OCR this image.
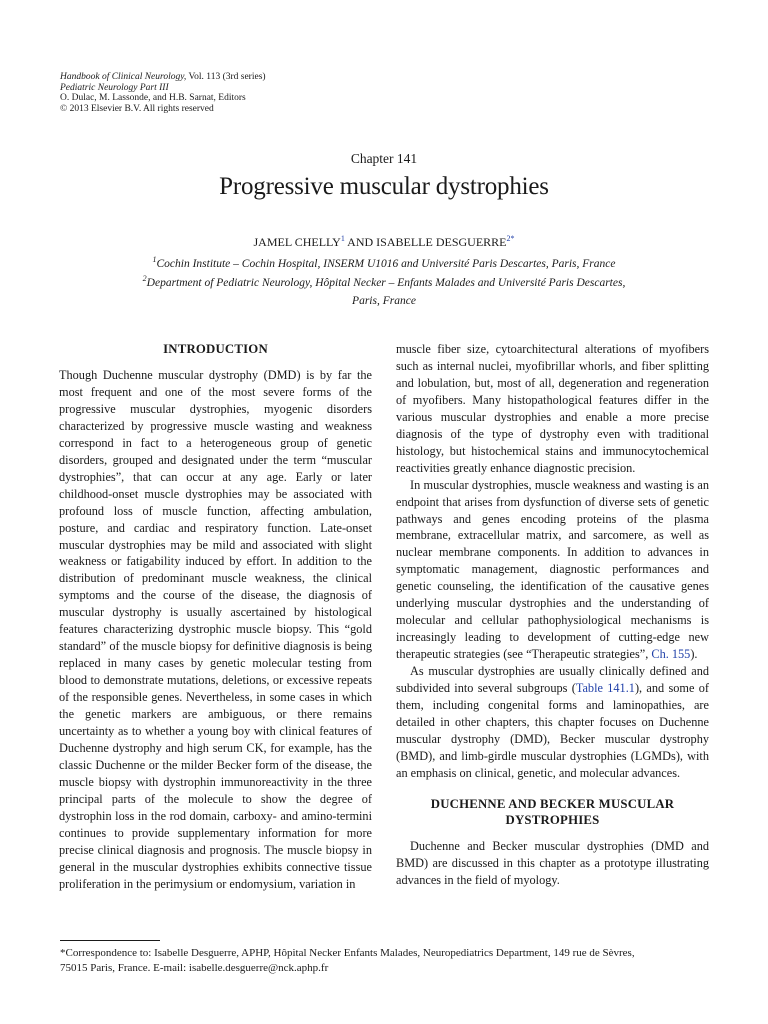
Handbook of Clinical Neurology, Vol. 113 (3rd series)
Pediatric Neurology Part III
O. Dulac, M. Lassonde, and H.B. Sarnat, Editors
© 2013 Elsevier B.V. All rights reserved
Chapter 141
Progressive muscular dystrophies
JAMEL CHELLY$^1$ AND ISABELLE $DESGUERRE^{2*}$
$^1$Cochin Institute – Cochin Hospital, INSERM U1016 and Université Paris Descartes, Paris, France
$^2$Department of Pediatric Neurology, Hôpital Necker – Enfants Malades and Université Paris Descartes,
Paris, France
INTRODUCTION

Though Duchenne muscular dystrophy (DMD) is by far the most frequent and one of the most severe forms of the progressive muscular dystrophies, myogenic disorders characterized by progressive muscle wasting and weakness correspond in fact to a heterogeneous group of genetic disorders, grouped and designated under the term “muscular dystrophies”, that can occur at any age. Early or later childhood-onset muscle dystrophies may be associated with profound loss of muscle function, affecting ambulation, posture, and cardiac and respiratory function. Late-onset muscular dystrophies may be mild and associated with slight weakness or fatigability induced by effort. In addition to the distribution of predominant muscle weakness, the clinical symptoms and the course of the disease, the diagnosis of muscular dystrophy is usually ascertained by histological features characterizing dystrophic muscle biopsy. This “gold standard” of the muscle biopsy for definitive diagnosis is being replaced in many cases by genetic molecular testing from blood to demonstrate mutations, deletions, or excessive repeats of the responsible genes. Nevertheless, in some cases in which the genetic markers are ambiguous, or there remains uncertainty as to whether a young boy with clinical features of Duchenne dystrophy and high serum CK, for example, has the classic Duchenne or the milder Becker form of the disease, the muscle biopsy with dystrophin immunoreactivity in the three principal parts of the molecule to show the degree of dystrophin loss in the rod domain, carboxy- and amino-termini continues to provide supplementary information for more precise clinical diagnosis and prognosis. The muscle biopsy in general in the muscular dystrophies exhibits connective tissue proliferation in the perimysium or endomysium, variation in

muscle fiber size, cytoarchitectural alterations of myofibers such as internal nuclei, myofibrillar whorls, and fiber splitting and lobulation, but, most of all, degeneration and regeneration of myofibers. Many histopathological features differ in the various muscular dystrophies and enable a more precise diagnosis of the type of dystrophy even with traditional histology, but histochemical stains and immunocytochemical reactivities greatly enhance diagnostic precision.

In muscular dystrophies, muscle weakness and wasting is an endpoint that arises from dysfunction of diverse sets of genetic pathways and genes encoding proteins of the plasma membrane, extracellular matrix, and sarcomere, as well as nuclear membrane components. In addition to advances in symptomatic management, diagnostic performances and genetic counseling, the identification of the causative genes underlying muscular dystrophies and the understanding of molecular and cellular pathophysiological mechanisms is increasingly leading to development of cutting-edge new therapeutic strategies (see “Therapeutic strategies”, Ch. 155).

As muscular dystrophies are usually clinically defined and subdivided into several subgroups (Table 141.1), and some of them, including congenital forms and laminopathies, are detailed in other chapters, this chapter focuses on Duchenne muscular dystrophy (DMD), Becker muscular dystrophy (BMD), and limb-girdle muscular dystrophies (LGMDs), with an emphasis on clinical, genetic, and molecular advances.

DUCHENNE AND BECKER MUSCULAR
DYSTROPHIES

Duchenne and Becker muscular dystrophies (DMD and BMD) are discussed in this chapter as a prototype illustrating advances in the field of myology.

*Correspondence to: Isabelle Desguerre, APHP, Hôpital Necker Enfants Malades, Neuropediatrics Department, 149 rue de Sèvres,
75015 Paris, France. E-mail: isabelle.desguerre@nck.aphp.fr
